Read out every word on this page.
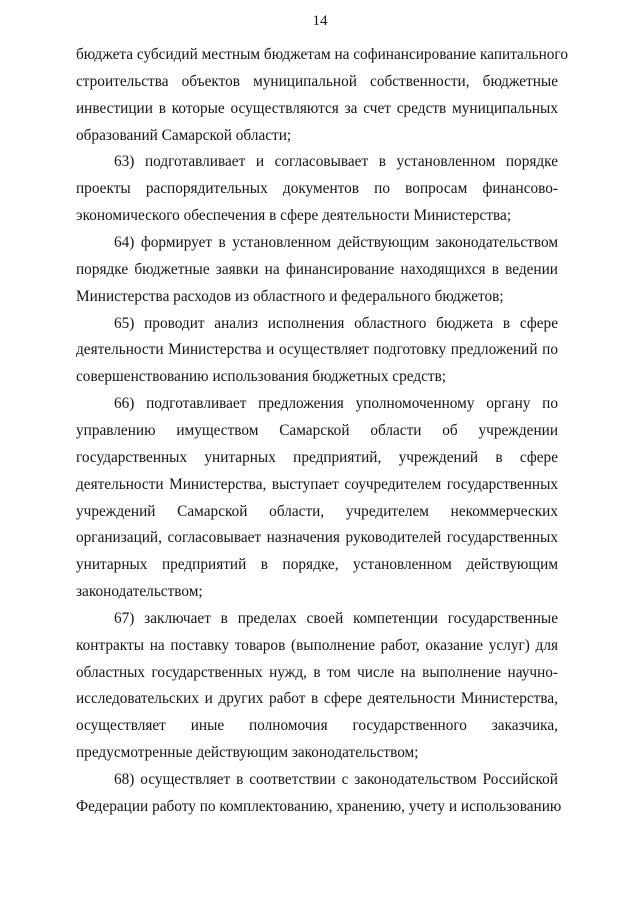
14
бюджета субсидий местным бюджетам на софинансирование капитального
строительства объектов муниципальной собственности, бюджетные
инвестиции в которые осуществляются за счет средств муниципальных
образований Самарской области;
63) подготавливает и согласовывает в установленном порядке
проекты распорядительных документов по вопросам финансово-
экономического обеспечения в сфере деятельности Министерства;
64) формирует в установленном действующим законодательством
порядке бюджетные заявки на финансирование находящихся в ведении
Министерства расходов из областного и федерального бюджетов;
65) проводит анализ исполнения областного бюджета в сфере
деятельности Министерства и осуществляет подготовку предложений по
совершенствованию использования бюджетных средств;
66) подготавливает предложения уполномоченному органу по
управлению имуществом Самарской области об учреждении
государственных унитарных предприятий, учреждений в сфере
деятельности Министерства, выступает соучредителем государственных
учреждений Самарской области, учредителем некоммерческих
организаций, согласовывает назначения руководителей государственных
унитарных предприятий в порядке, установленном действующим
законодательством;
67) заключает в пределах своей компетенции государственные
контракты на поставку товаров (выполнение работ, оказание услуг) для
областных государственных нужд, в том числе на выполнение научно-
исследовательских и других работ в сфере деятельности Министерства,
осуществляет иные полномочия государственного заказчика,
предусмотренные действующим законодательством;
68) осуществляет в соответствии с законодательством Российской
Федерации работу по комплектованию, хранению, учету и использованию
